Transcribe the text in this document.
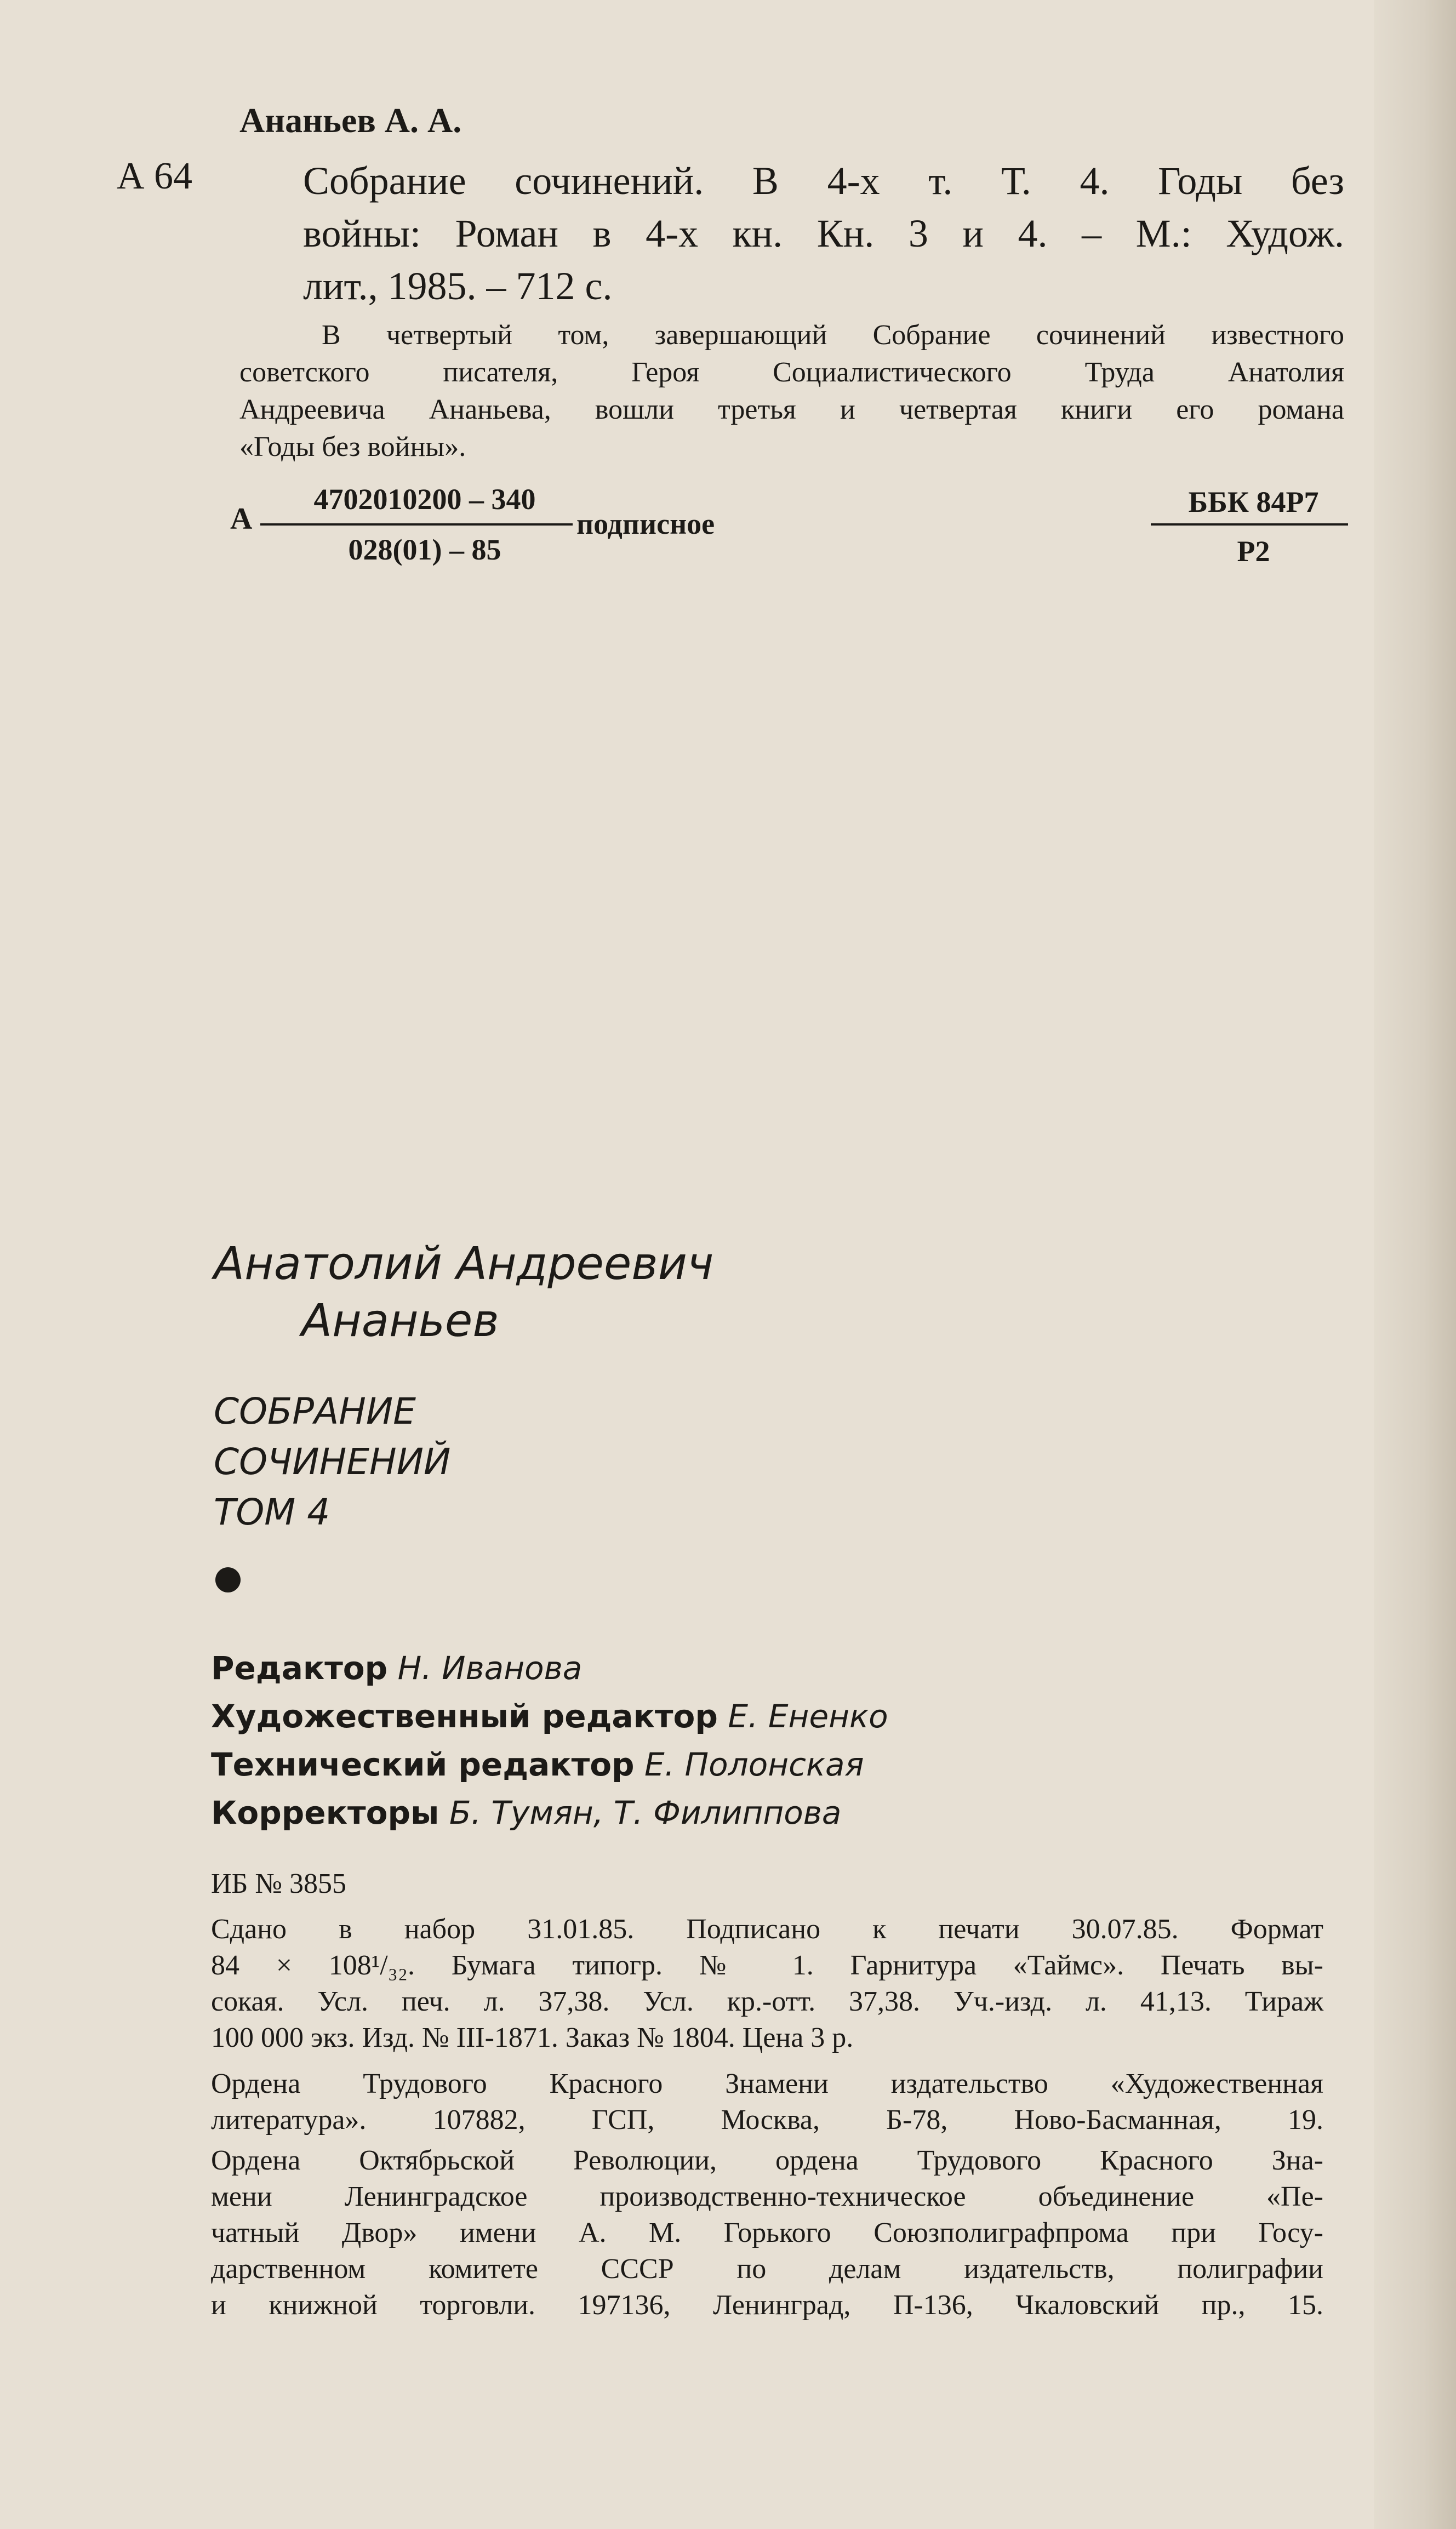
Ананьев А. А.
А 64	Собрание сочинений. В 4-х т. Т. 4. Годы без
войны: Роман в 4-х кн. Кн. 3 и 4. – М.: Худож.
лит., 1985. – 712 с.
В четвертый том, завершающий Собрание сочинений известного
советского писателя, Героя Социалистического Труда Анатолия
Андреевича Ананьева, вошли третья и четвертая книги его романа
«Годы без войны».
А
4702010200 – 340
028(01) – 85
подписное
ББК 84Р7
Р2
Анатолий Андреевич
Ананьев
СОБРАНИЕ
СОЧИНЕНИЙ
ТОМ 4
Редактор Н. Иванова
Художественный редактор Е. Ененко
Технический редактор Е. Полонская
Корректоры Б. Тумян, Т. Филиппова
ИБ № 3855
Сдано в набор 31.01.85. Подписано к печати 30.07.85. Формат
84 × 108¹/₃₂. Бумага типогр. № 1. Гарнитура «Таймс». Печать вы-
сокая. Усл. печ. л. 37,38. Усл. кр.-отт. 37,38. Уч.-изд. л. 41,13. Тираж
100 000 экз. Изд. № III-1871. Заказ № 1804. Цена 3 р.
Ордена Трудового Красного Знамени издательство «Художественная
литература». 107882, ГСП, Москва, Б-78, Ново-Басманная, 19.
Ордена Октябрьской Революции, ордена Трудового Красного Зна-
мени Ленинградское производственно-техническое объединение «Пе-
чатный Двор» имени А. М. Горького Союзполиграфпрома при Госу-
дарственном комитете СССР по делам издательств, полиграфии
и книжной торговли. 197136, Ленинград, П-136, Чкаловский пр., 15.
